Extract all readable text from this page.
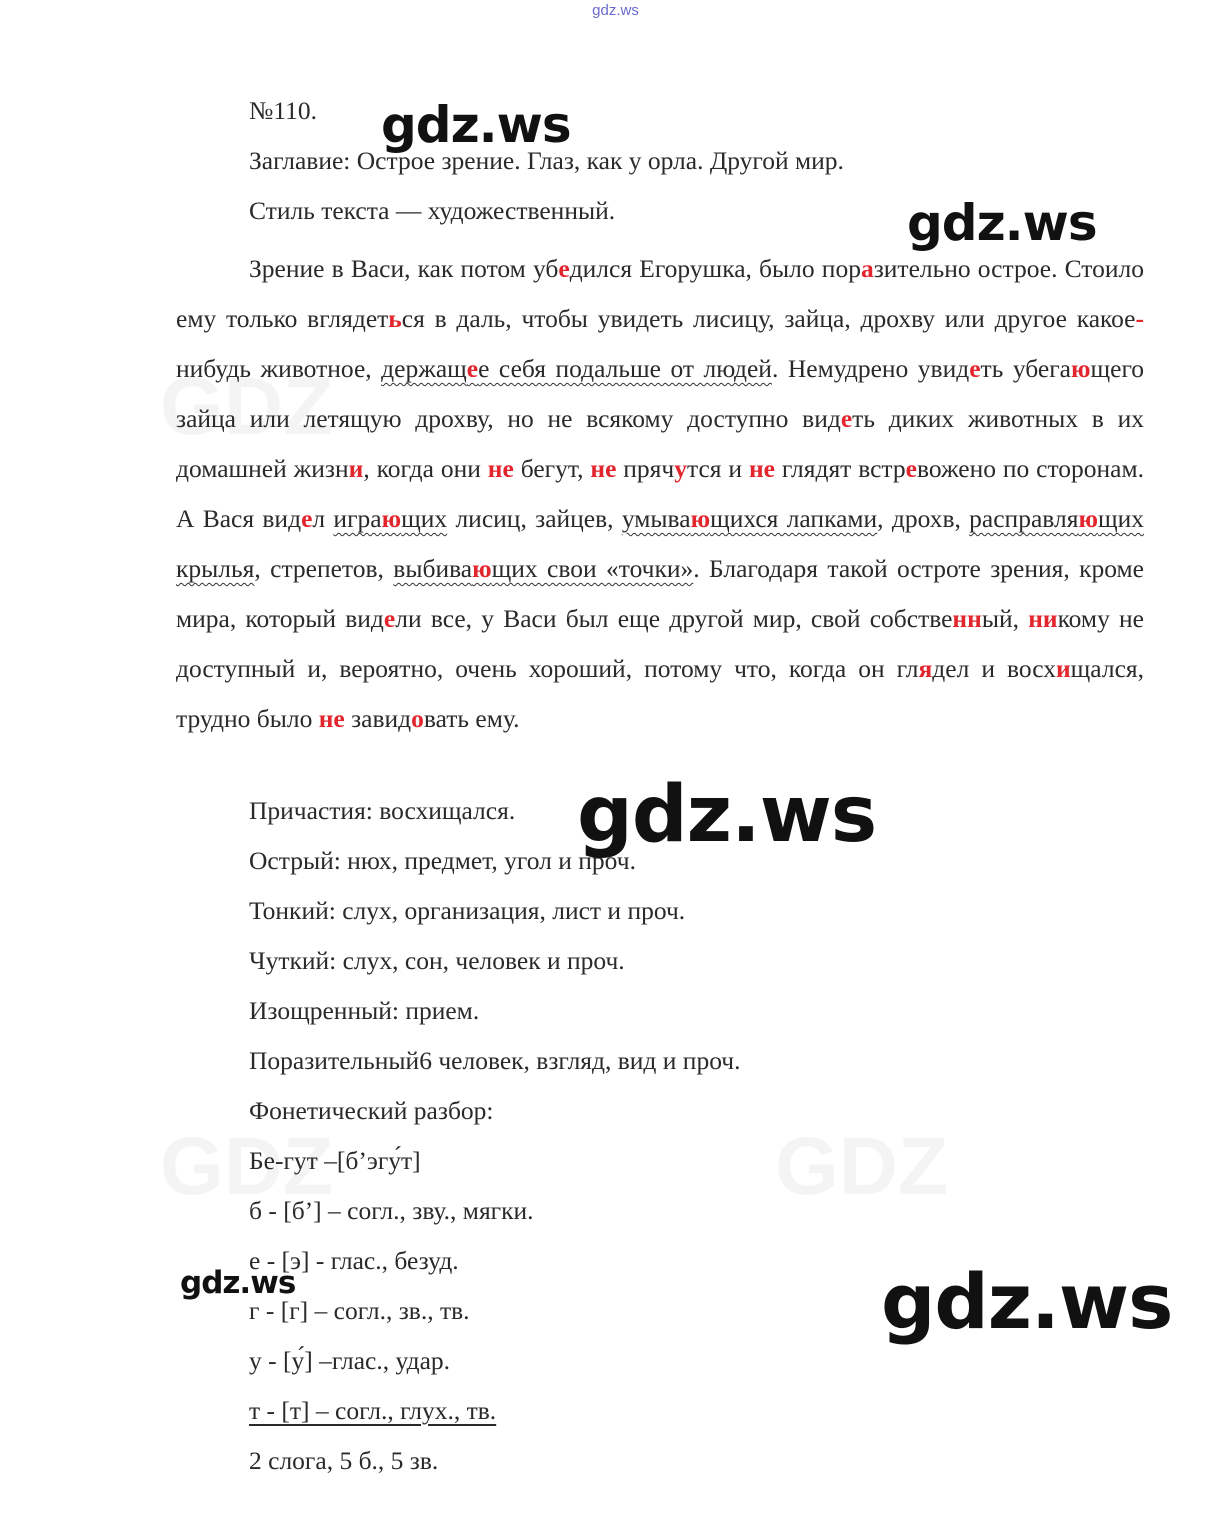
gdz.ws
№110.
Заглавие: Острое зрение. Глаз, как у орла. Другой мир.
Стиль текста — художественный.
Зрение в Васи, как потом убедился Егорушка, было поразительно острое. Стоило ему только вглядеться в даль, чтобы увидеть лисицу, зайца, дрохву или другое какое-нибудь животное, держащее себя подальше от людей. Немудрено увидеть убегающего зайца или летящую дрохву, но не всякому доступно видеть диких животных в их домашней жизни, когда они не бегут, не прячутся и не глядят встревожено по сторонам. А Вася видел играющих лисиц, зайцев, умывающихся лапками, дрохв, расправляющих крылья, стрепетов, выбивающих свои «точки». Благодаря такой остроте зрения, кроме мира, который видели все, у Васи был еще другой мир, свой собственный, никому не доступный и, вероятно, очень хороший, потому что, когда он глядел и восхищался, трудно было не завидовать ему.
Причастия: восхищался.
Острый: нюх, предмет, угол и проч.
Тонкий: слух, организация, лист и проч.
Чуткий: слух, сон, человек и проч.
Изощренный: прием.
Поразительный6 человек, взгляд, вид и проч.
Фонетический разбор:
Бе-гут –[б’эгу́т]
б - [б’] – согл., зву., мягки.
е - [э] - глас., безуд.
г - [г] – согл., зв., тв.
у - [у́] –глас., удар.
т - [т] – согл., глух., тв.
2 слога, 5 б., 5 зв.
gdz.ws
gdz.ws
gdz.ws
gdz.ws	gdz.ws
